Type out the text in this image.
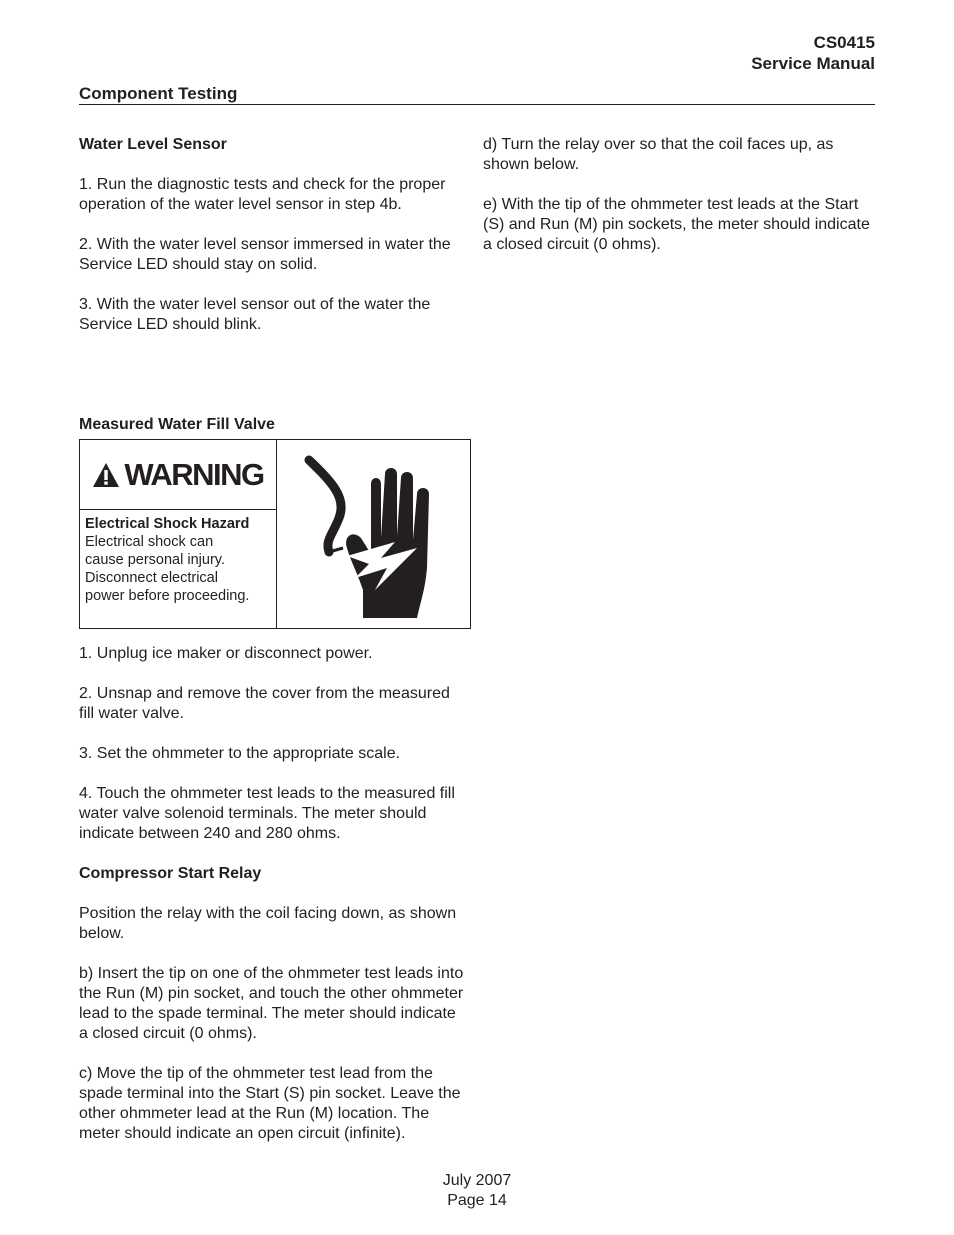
CS0415
Service Manual
Component Testing
Water Level Sensor

1. Run the diagnostic tests and check for the proper operation of the water level sensor in step 4b.

2. With the water level sensor immersed in water the Service LED should stay on solid.

3. With the water level sensor out of the water the Service LED should blink.

Measured Water Fill Valve
WARNING
Electrical Shock Hazard
Electrical shock can
cause personal injury.
Disconnect electrical
power before proceeding.

1. Unplug ice maker or disconnect power.

2. Unsnap and remove the cover from the measured fill water valve.

3. Set the ohmmeter to the appropriate scale.

4. Touch the ohmmeter test leads to the measured fill water valve solenoid terminals. The meter should indicate between 240 and 280 ohms.

Compressor Start Relay

Position the relay with the coil facing down, as shown below.

b) Insert the tip on one of the ohmmeter test leads into the Run (M) pin socket, and touch the other ohmmeter lead to the spade terminal. The meter should indicate a closed circuit (0 ohms).

c) Move the tip of the ohmmeter test lead from the spade terminal into the Start (S) pin socket. Leave the other ohmmeter lead at the Run (M) location. The meter should indicate an open circuit (infinite).

d) Turn the relay over so that the coil faces up, as shown below.

e) With the tip of the ohmmeter test leads at the Start (S) and Run (M) pin sockets, the meter should indicate a closed circuit (0 ohms).

July 2007
Page 14
